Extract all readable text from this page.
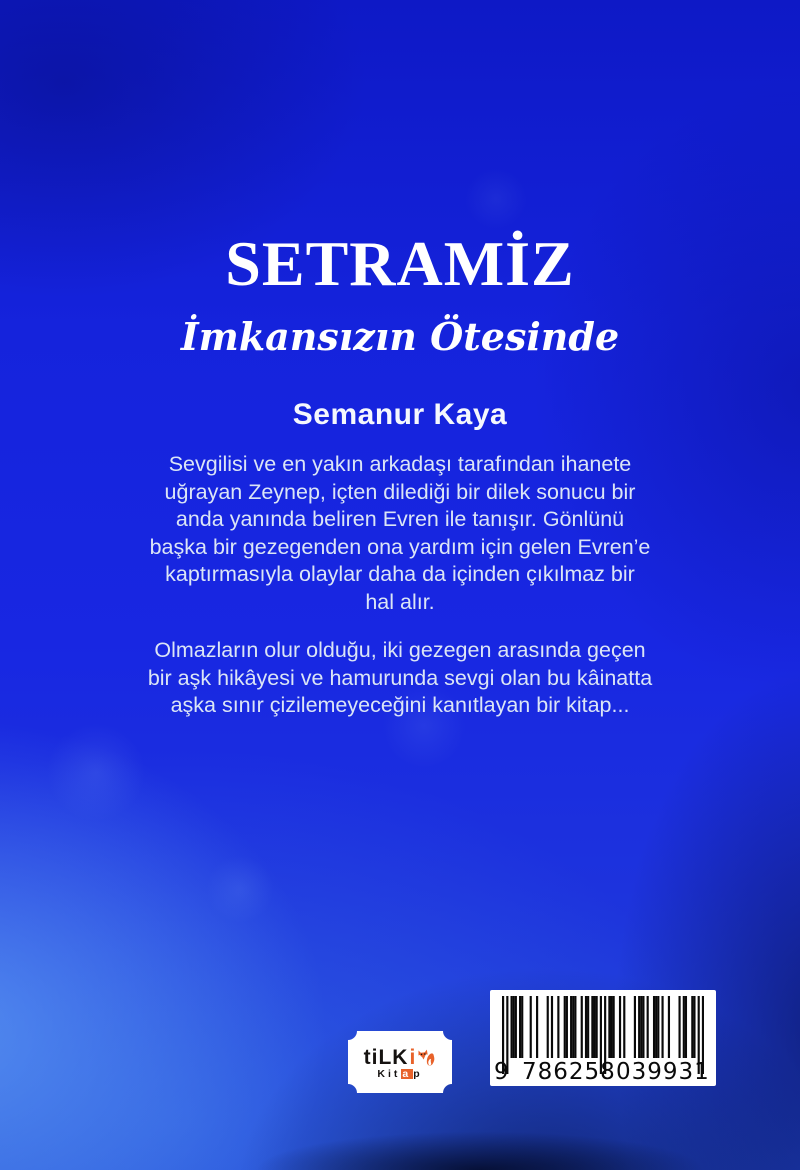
SETRAMİZ
İmkansızın Ötesinde
Semanur Kaya
Sevgilisi ve en yakın arkadaşı tarafından ihanete
uğrayan Zeynep, içten dilediği bir dilek sonucu bir
anda yanında beliren Evren ile tanışır. Gönlünü
başka bir gezegenden ona yardım için gelen Evren’e
kaptırmasıyla olaylar daha da içinden çıkılmaz bir
hal alır.
Olmazların olur olduğu, iki gezegen arasında geçen
bir aşk hikâyesi ve hamurunda sevgi olan bu kâinatta
aşka sınır çizilemeyeceğini kanıtlayan bir kitap...
tiLK i
Kit a p	9 786258 039931
